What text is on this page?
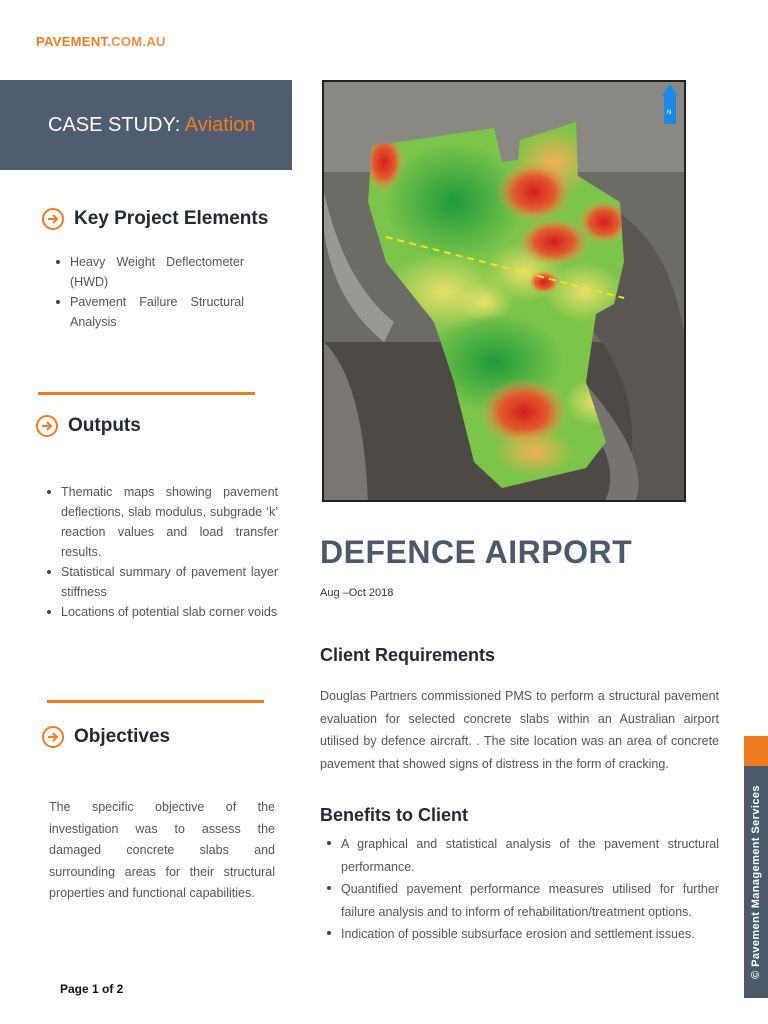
PAVEMENT.COM.AU
CASE STUDY: Aviation
Key Project Elements
Heavy Weight Deflectometer (HWD)
Pavement Failure Structural Analysis
Outputs
Thematic maps showing pavement deflections, slab modulus, subgrade ‘k’ reaction values and load transfer results.
Statistical summary of pavement layer stiffness
Locations of potential slab corner voids
Objectives

The specific objective of the investigation was to assess the damaged concrete slabs and surrounding areas for their structural properties and functional capabilities.

Page 1 of 2
N
DEFENCE AIRPORT
Aug –Oct 2018
Client Requirements

Douglas Partners commissioned PMS to perform a structural pavement evaluation for selected concrete slabs within an Australian airport utilised by defence aircraft. . The site location was an area of concrete pavement that showed signs of distress in the form of cracking.

Benefits to Client
A graphical and statistical analysis of the pavement structural performance.
Quantified pavement performance measures utilised for further failure analysis and to inform of rehabilitation/treatment options.
Indication of possible subsurface erosion and settlement issues.	© Pavement Management Services
